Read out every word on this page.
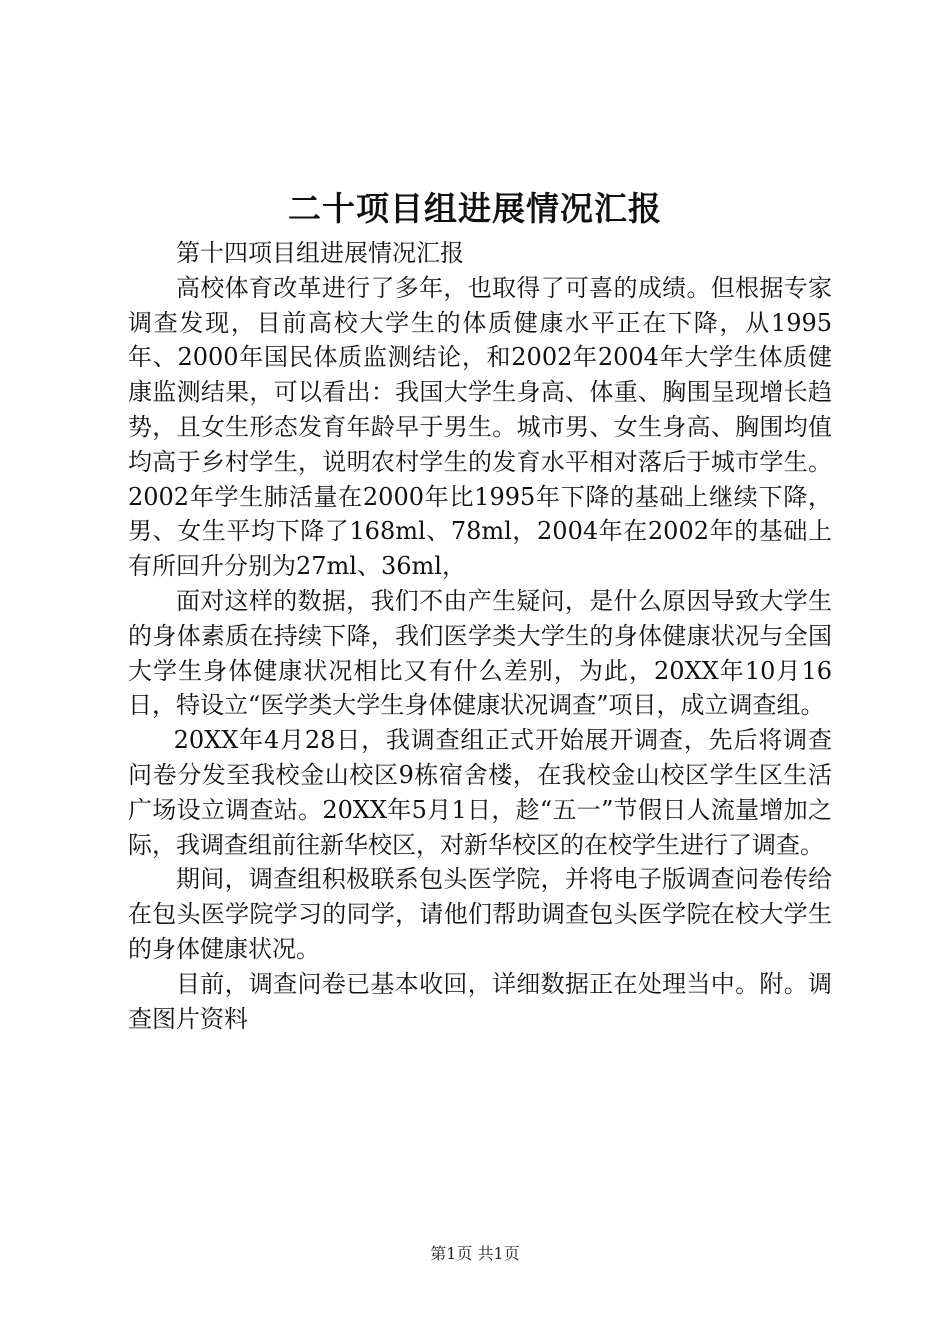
二十项目组进展情况汇报

第十四项目组进展情况汇报

高校体育改革进行了多年，也取得了可喜的成绩。但根据专家调查发现，目前高校大学生的体质健康水平正在下降，从1995年、2000年国民体质监测结论，和2002年2004年大学生体质健康监测结果，可以看出：我国大学生身高、体重、胸围呈现增长趋势，且女生形态发育年龄早于男生。城市男、女生身高、胸围均值均高于乡村学生，说明农村学生的发育水平相对落后于城市学生。2002年学生肺活量在2000年比1995年下降的基础上继续下降，男、女生平均下降了168ml、78ml，2004年在2002年的基础上有所回升分别为27ml、36ml，

面对这样的数据，我们不由产生疑问，是什么原因导致大学生的身体素质在持续下降，我们医学类大学生的身体健康状况与全国大学生身体健康状况相比又有什么差别，为此，20XX年10月16日，特设立“医学类大学生身体健康状况调查”项目，成立调查组。

20XX年4月28日，我调查组正式开始展开调查，先后将调查问卷分发至我校金山校区9栋宿舍楼，在我校金山校区学生区生活广场设立调查站。20XX年5月1日，趁“五一”节假日人流量增加之际，我调查组前往新华校区，对新华校区的在校学生进行了调查。

期间，调查组积极联系包头医学院，并将电子版调查问卷传给在包头医学院学习的同学，请他们帮助调查包头医学院在校大学生的身体健康状况。

目前，调查问卷已基本收回，详细数据正在处理当中。附。调查图片资料

第1页 共1页
